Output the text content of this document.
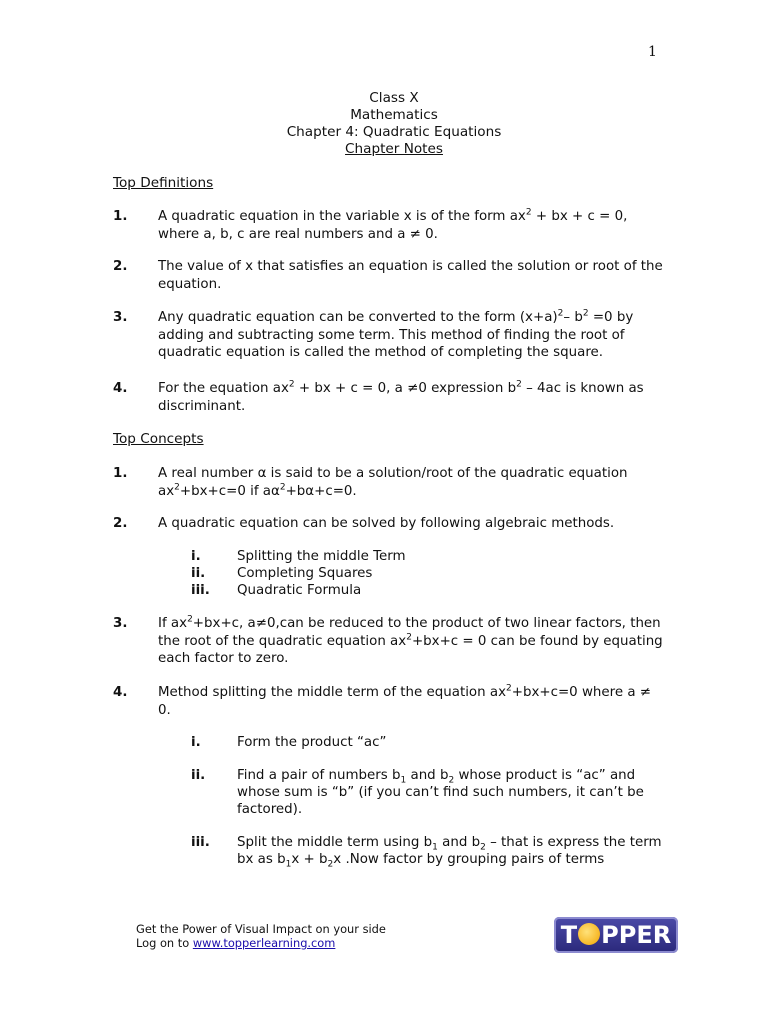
1
Class X
Mathematics
Chapter 4: Quadratic Equations
Chapter Notes
Top Definitions
1. A quadratic equation in the variable x is of the form $ax^2$ + bx + c = 0, where a, b, c are real numbers and a ≠ 0.
2. The value of x that satisfies an equation is called the solution or root of the equation.
3. Any quadratic equation can be converted to the form $(x+a)^2-$ $b^2 =0$ by adding and subtracting some term. This method of finding the root of quadratic equation is called the method of completing the square.
4. For the equation $ax^2$ + bx + c = 0, a ≠0 expression $b^2 - 4ac$ is known as discriminant.
Top Concepts
1. A real number α is said to be a solution/root of the quadratic equation $ax^2+bx+c=0$ if $a\alpha^2+b\alpha+c=0$.
2. A quadratic equation can be solved by following algebraic methods.
i.	Splitting the middle Term
ii. Completing Squares
iii. Quadratic Formula
3. If $ax^2+bx+c$, a≠0,can be reduced to the product of two linear factors, then the root of the quadratic equation $ax^2+bx+c = 0$ can be found by equating each factor to zero.
4. Method splitting the middle term of the equation $ax^2+bx+c=0$ where a ≠ 0.
i.	Form the product “ac”
ii. Find a pair of numbers $b_1$ and $b_2$ whose product is “ac” and whose sum is “b” (if you can’t find such numbers, it can’t be factored).
iii. Split the middle term using $b_1$ and $b_2$ – that is express the term bx as $b_1x + b_2x$ .Now factor by grouping pairs of terms
Get the Power of Visual Impact on your side
Log on to www.topperlearning.com	T PPER
